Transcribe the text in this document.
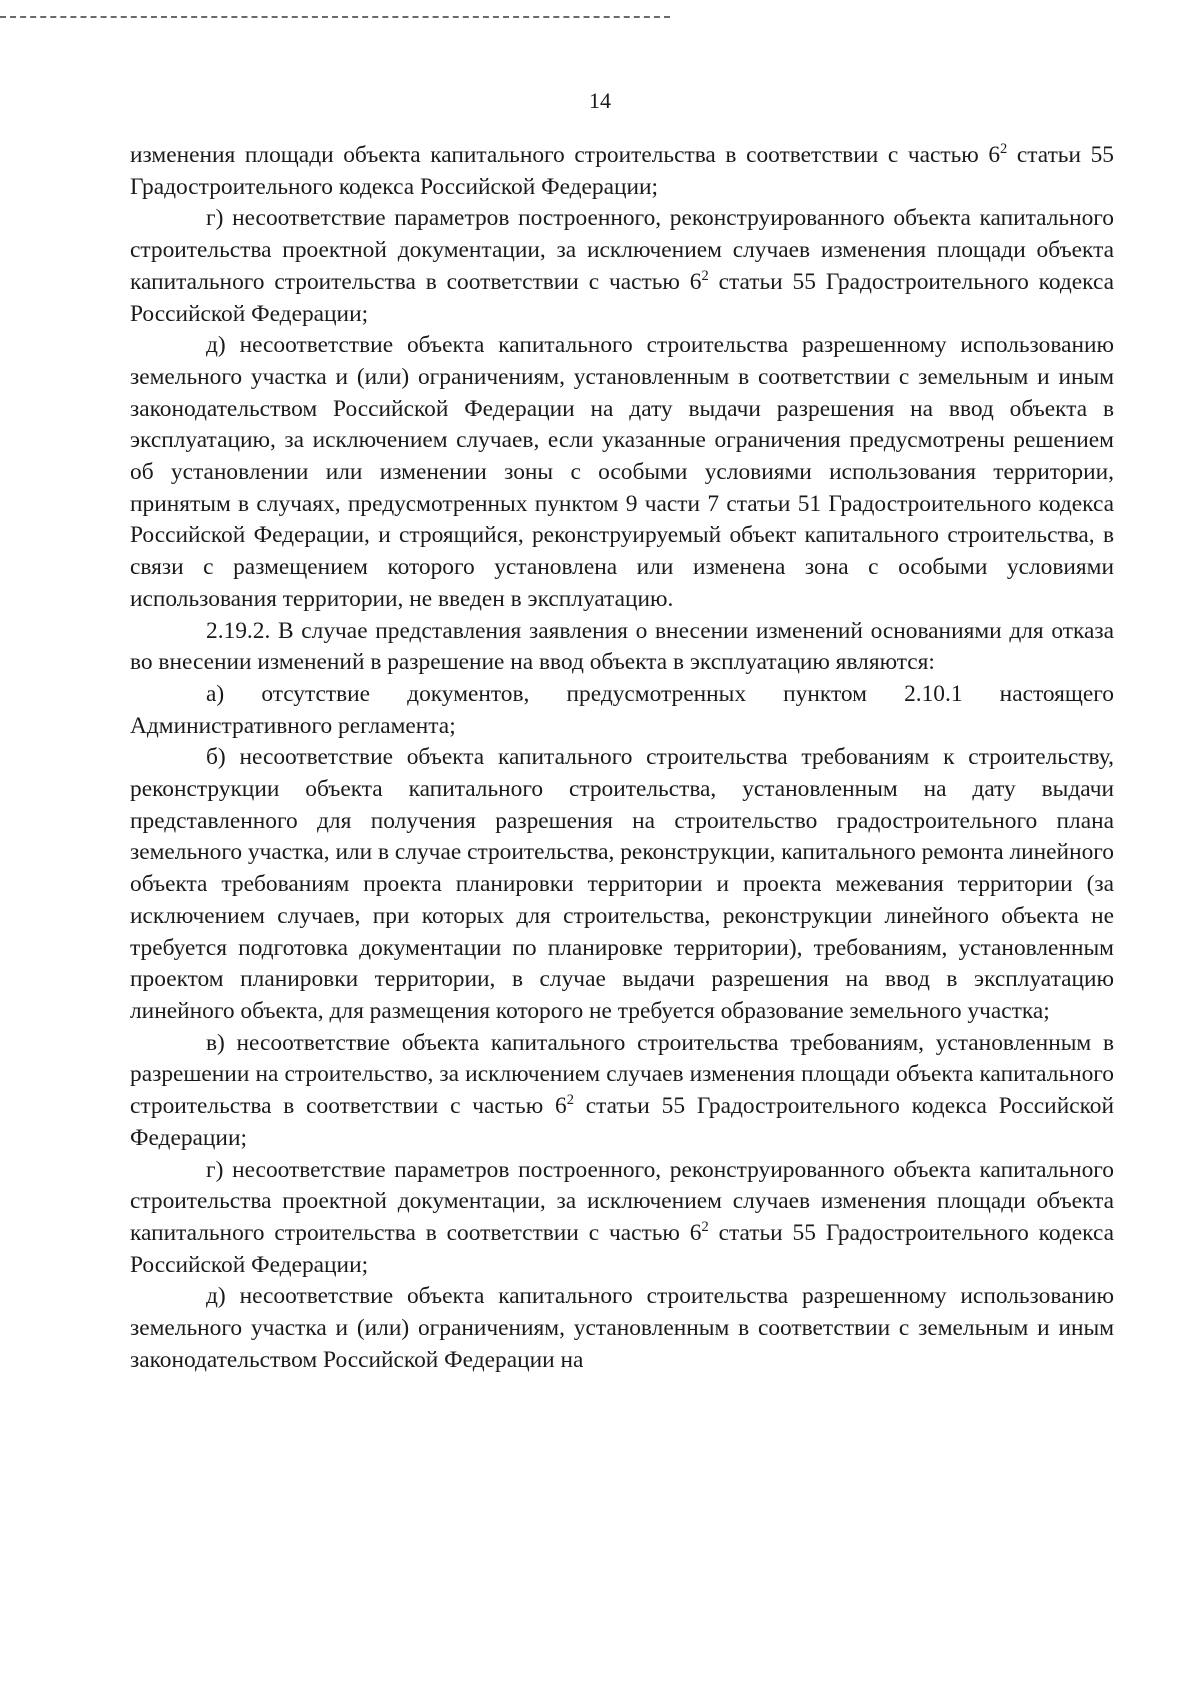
14

изменения площади объекта капитального строительства в соответствии с частью $6^2$ статьи 55 Градостроительного кодекса Российской Федерации;

г) несоответствие параметров построенного, реконструированного объекта капитального строительства проектной документации, за исключением случаев изменения площади объекта капитального строительства в соответствии с частью $6^2$ статьи 55 Градостроительного кодекса Российской Федерации;

д) несоответствие объекта капитального строительства разрешенному использованию земельного участка и (или) ограничениям, установленным в соответствии с земельным и иным законодательством Российской Федерации на дату выдачи разрешения на ввод объекта в эксплуатацию, за исключением случаев, если указанные ограничения предусмотрены решением об установлении или изменении зоны с особыми условиями использования территории, принятым в случаях, предусмотренных пунктом 9 части 7 статьи 51 Градостроительного кодекса Российской Федерации, и строящийся, реконструируемый объект капитального строительства, в связи с размещением которого установлена или изменена зона с особыми условиями использования территории, не введен в эксплуатацию.

2.19.2. В случае представления заявления о внесении изменений основаниями для отказа во внесении изменений в разрешение на ввод объекта в эксплуатацию являются:

а) отсутствие документов, предусмотренных пунктом 2.10.1 настоящего Административного регламента;

б) несоответствие объекта капитального строительства требованиям к строительству, реконструкции объекта капитального строительства, установленным на дату выдачи представленного для получения разрешения на строительство градостроительного плана земельного участка, или в случае строительства, реконструкции, капитального ремонта линейного объекта требованиям проекта планировки территории и проекта межевания территории (за исключением случаев, при которых для строительства, реконструкции линейного объекта не требуется подготовка документации по планировке территории), требованиям, установленным проектом планировки территории, в случае выдачи разрешения на ввод в эксплуатацию линейного объекта, для размещения которого не требуется образование земельного участка;

в) несоответствие объекта капитального строительства требованиям, установленным в разрешении на строительство, за исключением случаев изменения площади объекта капитального строительства в соответствии с частью $6^2$ статьи 55 Градостроительного кодекса Российской Федерации;

г) несоответствие параметров построенного, реконструированного объекта капитального строительства проектной документации, за исключением случаев изменения площади объекта капитального строительства в соответствии с частью $6^2$ статьи 55 Градостроительного кодекса Российской Федерации;

д) несоответствие объекта капитального строительства разрешенному использованию земельного участка и (или) ограничениям, установленным в соответствии с земельным и иным законодательством Российской Федерации на
